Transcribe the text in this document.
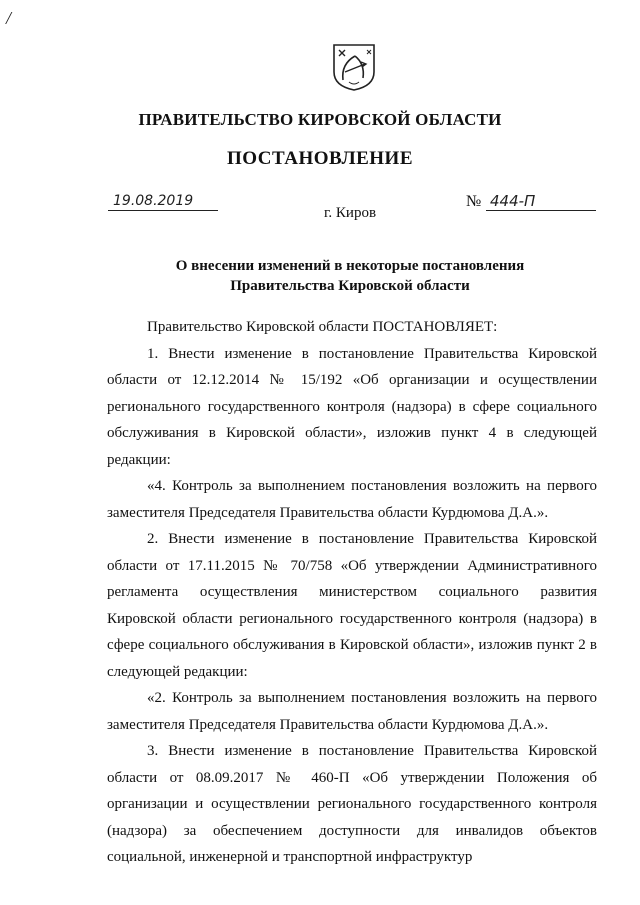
/
ПРАВИТЕЛЬСТВО КИРОВСКОЙ ОБЛАСТИ
ПОСТАНОВЛЕНИЕ
19.08.2019	№ 444-П
г. Киров
О внесении изменений в некоторые постановления
Правительства Кировской области

Правительство Кировской области ПОСТАНОВЛЯЕТ:

1. Внести изменение в постановление Правительства Кировской области от 12.12.2014 № 15/192 «Об организации и осуществлении регионального государственного контроля (надзора) в сфере социального обслуживания в Кировской области», изложив пункт 4 в следующей редакции:

«4. Контроль за выполнением постановления возложить на первого заместителя Председателя Правительства области Курдюмова Д.А.».

2. Внести изменение в постановление Правительства Кировской области от 17.11.2015 № 70/758 «Об утверждении Административного регламента осуществления министерством социального развития Кировской области регионального государственного контроля (надзора) в сфере социального обслуживания в Кировской области», изложив пункт 2 в следующей редакции:

«2. Контроль за выполнением постановления возложить на первого заместителя Председателя Правительства области Курдюмова Д.А.».

3. Внести изменение в постановление Правительства Кировской области от 08.09.2017 № 460-П «Об утверждении Положения об организации и осуществлении регионального государственного контроля (надзора) за обеспечением доступности для инвалидов объектов социальной, инженерной и транспортной инфраструктур
